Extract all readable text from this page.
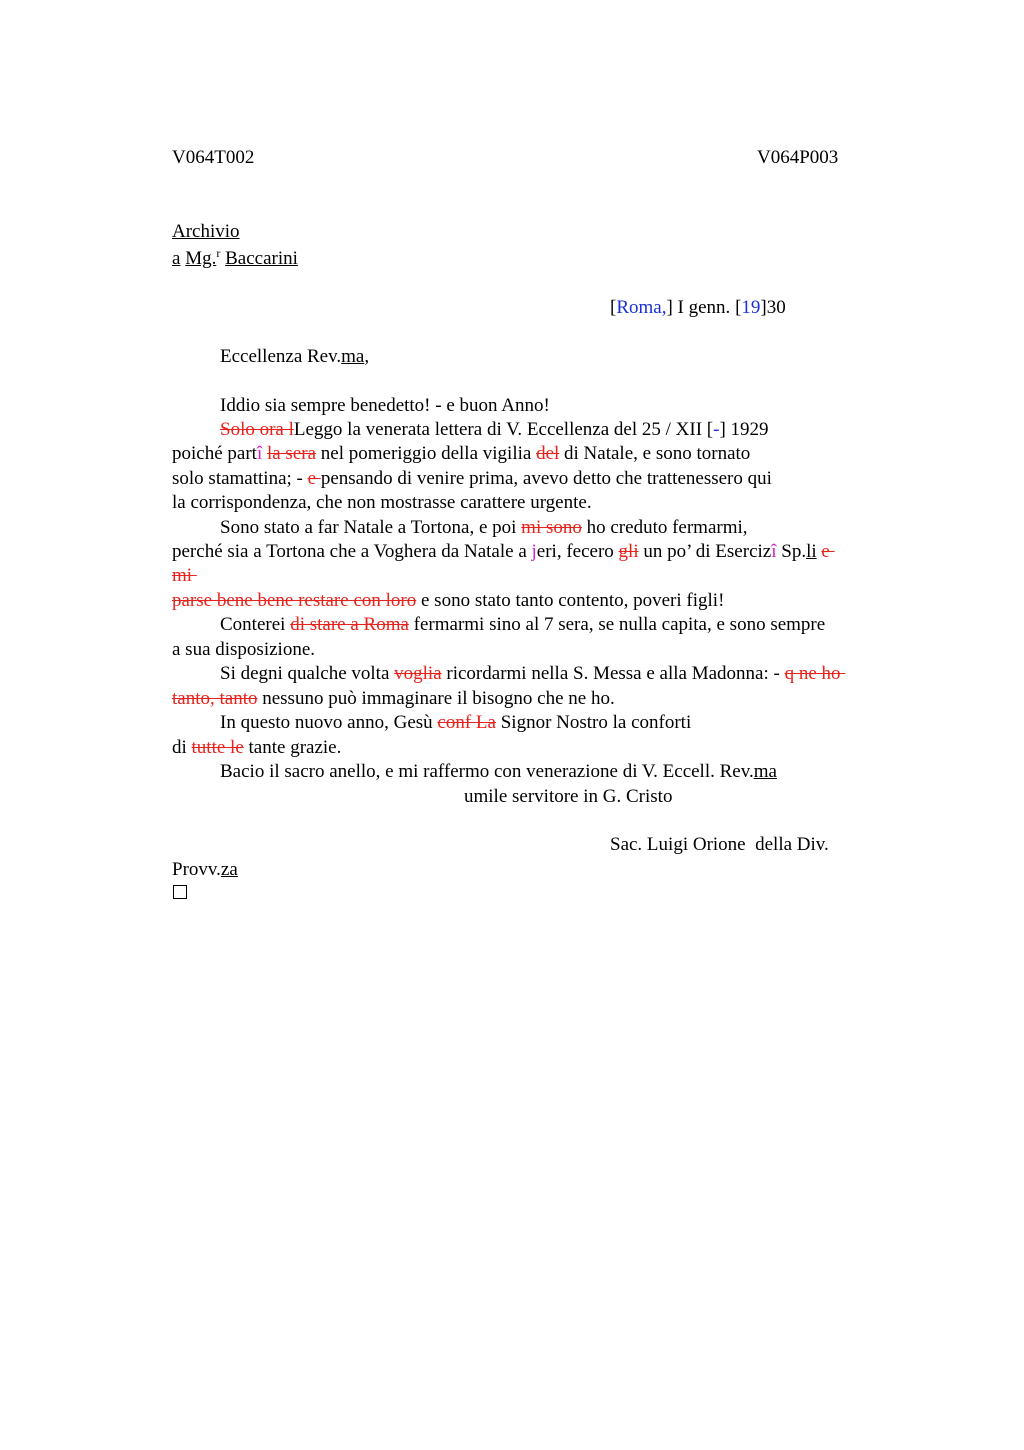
V064T002	V064P003
Archivio
a Mg.$^r$ Baccarini
[Roma,] I genn. [19]30
Eccellenza Rev.ma,
Iddio sia sempre benedetto! - e buon Anno!
Solo ora lLeggo la venerata lettera di V. Eccellenza del 25 / XII [-] 1929
poiché partî la sera nel pomeriggio della vigilia del di Natale, e sono tornato
solo stamattina; - e pensando di venire prima, avevo detto che trattenessero qui
la corrispondenza, che non mostrasse carattere urgente.
Sono stato a far Natale a Tortona, e poi mi sono ho creduto fermarmi,
perché sia a Tortona che a Voghera da Natale a jeri, fecero gli un po’ di Esercizî Sp.li e
mi
parse bene bene restare con loro e sono stato tanto contento, poveri figli!
Conterei di stare a Roma fermarmi sino al 7 sera, se nulla capita, e sono sempre
a sua disposizione.
Si degni qualche volta voglia ricordarmi nella S. Messa e alla Madonna: - q ne ho
tanto, tanto nessuno può immaginare il bisogno che ne ho.
In questo nuovo anno, Gesù conf La Signor Nostro la conforti
di tutte le tante grazie.
Bacio il sacro anello, e mi raffermo con venerazione di V. Eccell. Rev.ma
umile servitore in G. Cristo
Sac. Luigi Orione  della Div.
Provv.za
